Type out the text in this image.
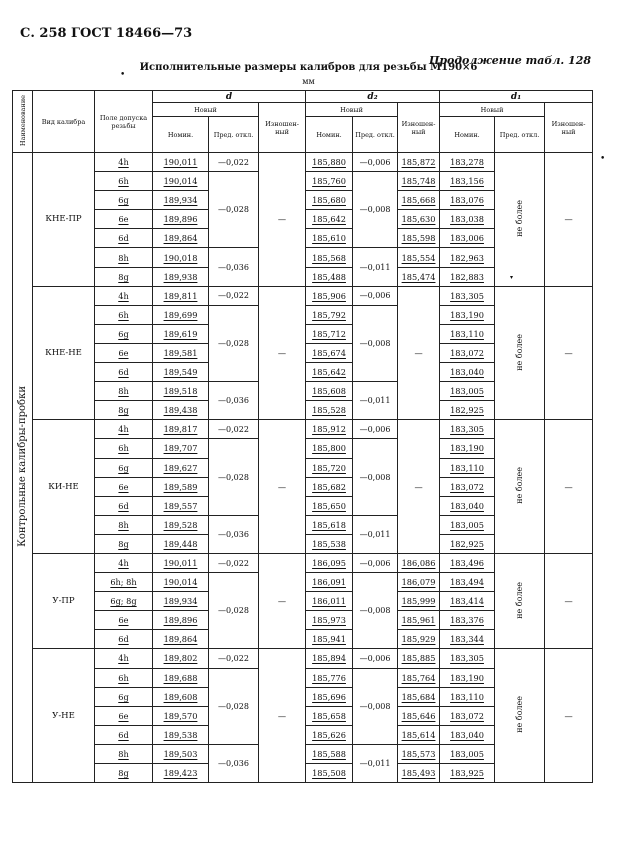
С. 258 ГОСТ 18466—73
Продолжение табл. 128
Исполнительные размеры калибров для резьбы М190×6
мм
•
•
▾
Наименование	Вид калибра	Поле допуска резьбы	d			d₂			d₁		
			Новый		Изношен-ный	Новый		Изношен-ный	Новый		Изношен-ный
			Номин.	Пред. откл.		Номин.	Пред. откл.		Номин.	Пред. откл.	
Контрольные калибры-пробки	КНЕ-ПР	4h	190,011	—0,022	—	185,880	—0,006	185,872	183,278	не более	—
		6h	190,014	—0,028		185,760	—0,008	185,748	183,156		
		6g	189,934			185,680		185,668	183,076		
		6e	189,896			185,642		185,630	183,038		
		6d	189,864			185,610		185,598	183,006		
		8h	190,018	—0,036		185,568	—0,011	185,554	182,963		
		8g	189,938			185,488		185,474	182,883		
	КНЕ-НЕ	4h	189,811	—0,022	—	185,906	—0,006	—	183,305	не более	—
		6h	189,699	—0,028		185,792	—0,008		183,190		
		6g	189,619			185,712			183,110		
		6e	189,581			185,674			183,072		
		6d	189,549			185,642			183,040		
		8h	189,518	—0,036		185,608	—0,011		183,005		
		8g	189,438			185,528			182,925		
	КИ-НЕ	4h	189,817	—0,022	—	185,912	—0,006	—	183,305	не более	—
		6h	189,707	—0,028		185,800	—0,008		183,190		
		6g	189,627			185,720			183,110		
		6e	189,589			185,682			183,072		
		6d	189,557			185,650			183,040		
		8h	189,528	—0,036		185,618	—0,011		183,005		
		8g	189,448			185,538			182,925		
	У-ПР	4h	190,011	—0,022	—	186,095	—0,006	186,086	183,496	не более	—
		6h; 8h	190,014	—0,028		186,091	—0,008	186,079	183,494		
		6g; 8g	189,934			186,011		185,999	183,414		
		6e	189,896			185,973		185,961	183,376		
		6d	189,864			185,941		185,929	183,344		
	У-НЕ	4h	189,802	—0,022	—	185,894	—0,006	185,885	183,305	не более	—
		6h	189,688	—0,028		185,776	—0,008	185,764	183,190		
		6g	189,608			185,696		185,684	183,110		
		6e	189,570			185,658		185,646	183,072		
		6d	189,538			185,626		185,614	183,040		
		8h	189,503	—0,036		185,588	—0,011	185,573	183,005		
		8g	189,423			185,508		185,493	183,925		
